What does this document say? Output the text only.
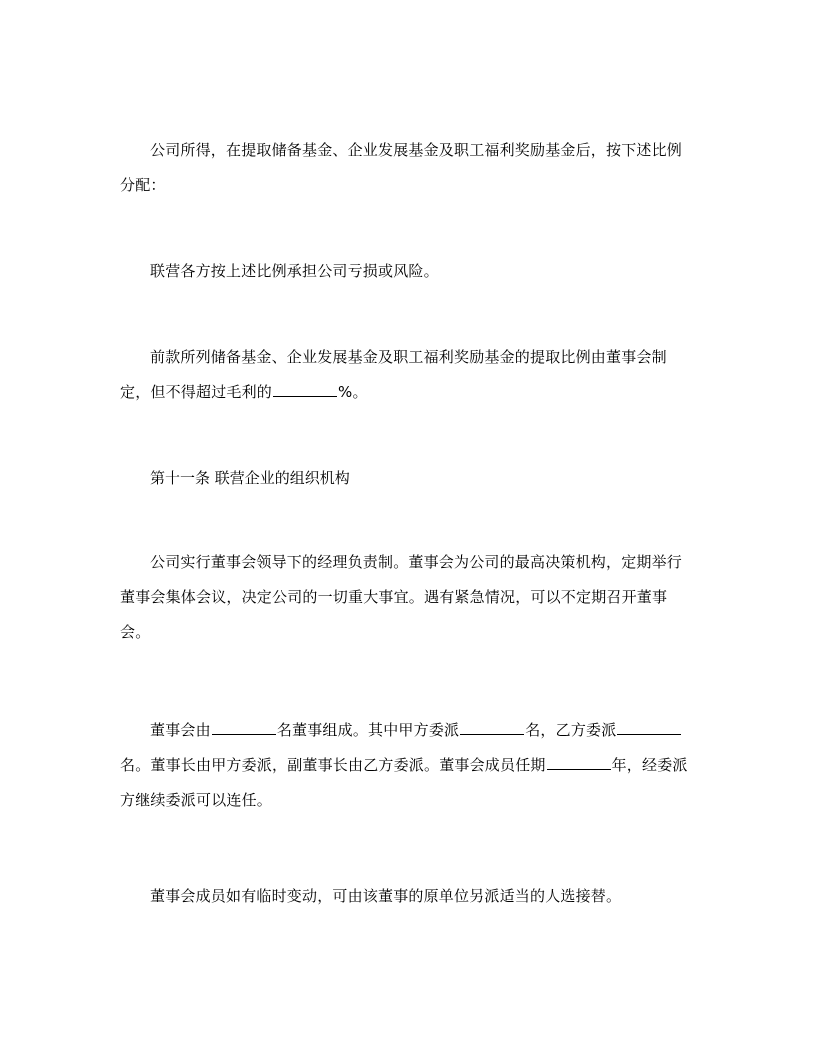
公司所得，在提取储备基金、企业发展基金及职工福利奖励基金后，按下述比例分配：

联营各方按上述比例承担公司亏损或风险。

前款所列储备基金、企业发展基金及职工福利奖励基金的提取比例由董事会制定，但不得超过毛利的	%。

第十一条 联营企业的组织机构

公司实行董事会领导下的经理负责制。董事会为公司的最高决策机构，定期举行董事会集体会议，决定公司的一切重大事宜。遇有紧急情况，可以不定期召开董事会。

董事会由	名董事组成。其中甲方委派	名，乙方委派名。董事长由甲方委派，副董事长由乙方委派。董事会成员任期	年，经委派方继续委派可以连任。

董事会成员如有临时变动，可由该董事的原单位另派适当的人选接替。
